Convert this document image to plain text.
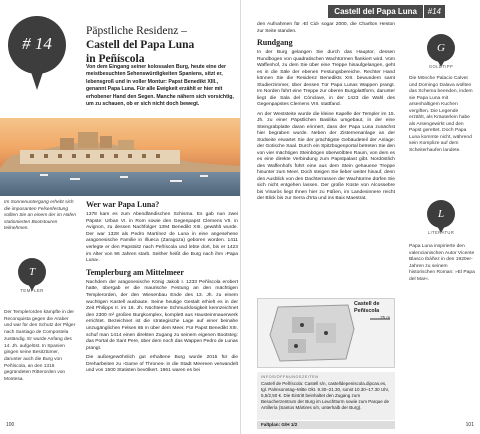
# 14
Päpstliche Residenz –
Castell del Papa Luna
in Peñíscola
Von dem Eingang seiner kolossalen Burg, heute eine der meistbesuchten Sehenswürdigkeiten Spaniens, sitzt er, lebensgroß und in voller Montur: Papst Benedikt XIII., genannt Papa Luna. Für alle Ewigkeit erzählt er hier mit erhobener Hand den Segen. Manche nähern sich vorsichtig, um zu schauen, ob er sich nicht doch bewegt.
Im Sonnenuntergang erhebt sich die imposanten Felsenfestung sollten Sie an einem der im Hafen stationierten Bootstouren teilnehmen.
T
TEMPLER
Der Templerorden kämpfte in der Reconquista gegen die Araber und war für den Schutz der Pilger nach Santiago de Compostela zuständig. Er wurde Anfang des 14. Jh. aufgelöst. In Spanien gingen seine Besitztümer, darunter auch die Burg von Peñíscola, an den 1316 gegründeten Ritterorden von Montesa.
Wer war Papa Luna?
1378 kam es zum Abendländischen Schisma. Es gab nun zwei Päpste: Urban VI. in Rom sowie den Gegenpapst Clemens VII. in Avignon, zu dessen Nachfolger 1394 Benedikt XIII. gewählt wurde. Der war 1328 als Pedro Martínez de Luna in eine angesehene aragonesische Familie in Illueca (Zaragoza) geboren worden. 1411 verlegte er den Papstsitz nach Peñíscola und lebte dort, bis er 1423 im Alter von 96 Jahren starb. Seither heißt die Burg nach ihm ›Papa Luna‹.
Templerburg am Mittelmeer
Nachdem der aragonesische König Jakob I. 1233 Peñíscola erobert hatte, übergab er die maurische Festung an den mächtigen Templerorden, der den Wiesenbau Ende des 13. Jh. zu einem wuchtigen Kastell ausbaute. Seine heutige Gestalt erhielt es in der Zeit Philipps II. im 16. Jh. Nüchterne Schmucklosigkeit kennzeichnet den 2300 m² großen Burgkomplex, komplett aus Hausteinmauerwerk errichtet. Bezeichnet ist die strategische Lage auf einer beinahe unzugänglichen Felsen 65 m über dem Meer. Für Papst Benedikt XIII. schuf man 1414 einen direkten Zugang zu seinem eigenen Bootsteg: das Portal de Sant Pere, über dem noch das Wappen Pedro de Lunas prangt.
Die außergewöhnlich gut erhaltene Burg wurde 2015 für die Dreharbeiten zu ›Game of Thrones‹ in die Stadt Meereen verwandelt und von 1500 Statisten bevölkert. 1961 waren es bei
100
Castell del Papa Luna	#14
den Aufnahmen für ›El Cid‹ sogar 2000, die Charlton Heston zur Seite standen.
Rundgang
In der Burg gelangen Sie durch das Hauptor, dessen Rundbogen von quadratischen Wachtürmen flankiert wird. Vom Waffenhof, zu dem Sie über eine Treppe hinaufgelangen, geht es in die Säle der ebenen Festungsbereiche. Rechter Hand können Sie die Residenz Benedikts XIII. bewundern samt Studierzimmer, über dessen Tür Papa Lunas Wappen prangt. Im Norden führt eine Treppe zur oberen Burgplattform, darunter liegt die Sala del Cónclave, in der 1423 die Wahl des Gegenpapstes Clemens VIII. stattfand.
An der Weststeite wurde die kleine Kapelle der Templer im 15. Jh. zu einer Päpstlichen Basilika umgebaut, in der eine Steingrabplatte daran erinnert, dass der Papa Luna zunächst hier begraben wurde. Neben der Zisternenanlage an der Südseite erwartet Sie der prächtigste Gebäudeteil der Anlage: der Gotische Saal. Durch ein Spitzbogenportal betreten Sie den von vier mächtigen Steinbögen überwölbten Raum, von dem es es eine direkte Verbindung zum Papstpalast gibt. Nordöstlich des Waffenhofs führt eine aus dem Stein gehauene Treppe hinunter zum Meer. Doch steigen Sie lieber weiter hinauf, denn den Ausblick von den Dachterrassen der Wachtürme dürfen Sie sich nicht entgehen lassen. Der große Küste von Alcossebre bis Vinaròs liegt Ihnen hier zu Füßen, im Landesinnere reicht der Blick bis zur Serra d'Irta und ins Baix Maestrat.
G
GOLDTIPP
Die Mönche Palacio Calvet und Domingo Dalava wollten das Schema beenden, indem sie Papa Luna mit arsenhaltigem Kuchen vergiften. Die Legende erzählt, als Kräuterlein habe als Arsengewirkt und den Papst gerettet. Doch Papa Luna kommte nicht, während sein Komplize auf dem Scheiterhaufen landete.
L
LITERATUR
Papa Luna inspirierte den valencianischen Autor Vicente Blasco Ibáñez in den 1920er-Jahren zu seinem historischen Roman: »El Papa del Mar«.
Castell de Peñíscola
25 m
INFOS/ÖFFNUNGSZEITEN
Castell de Peñíscola: Castell s/n, castelldepeniscola.dipcas.es, tgl. Palmsonntag–Mitte Okt. 9.30–21.30, sonst 10.30–17.30 Uhr, 5,5/2,50 €. Die Eintritt beinhaltet den Zugang zum Besucherzentrum der Burg im Leuchtturm sowie zum Parque de Artillería (Santos Mártires s/n, unterhalb der Burg).
Faltplan: G/H 1/2	101
